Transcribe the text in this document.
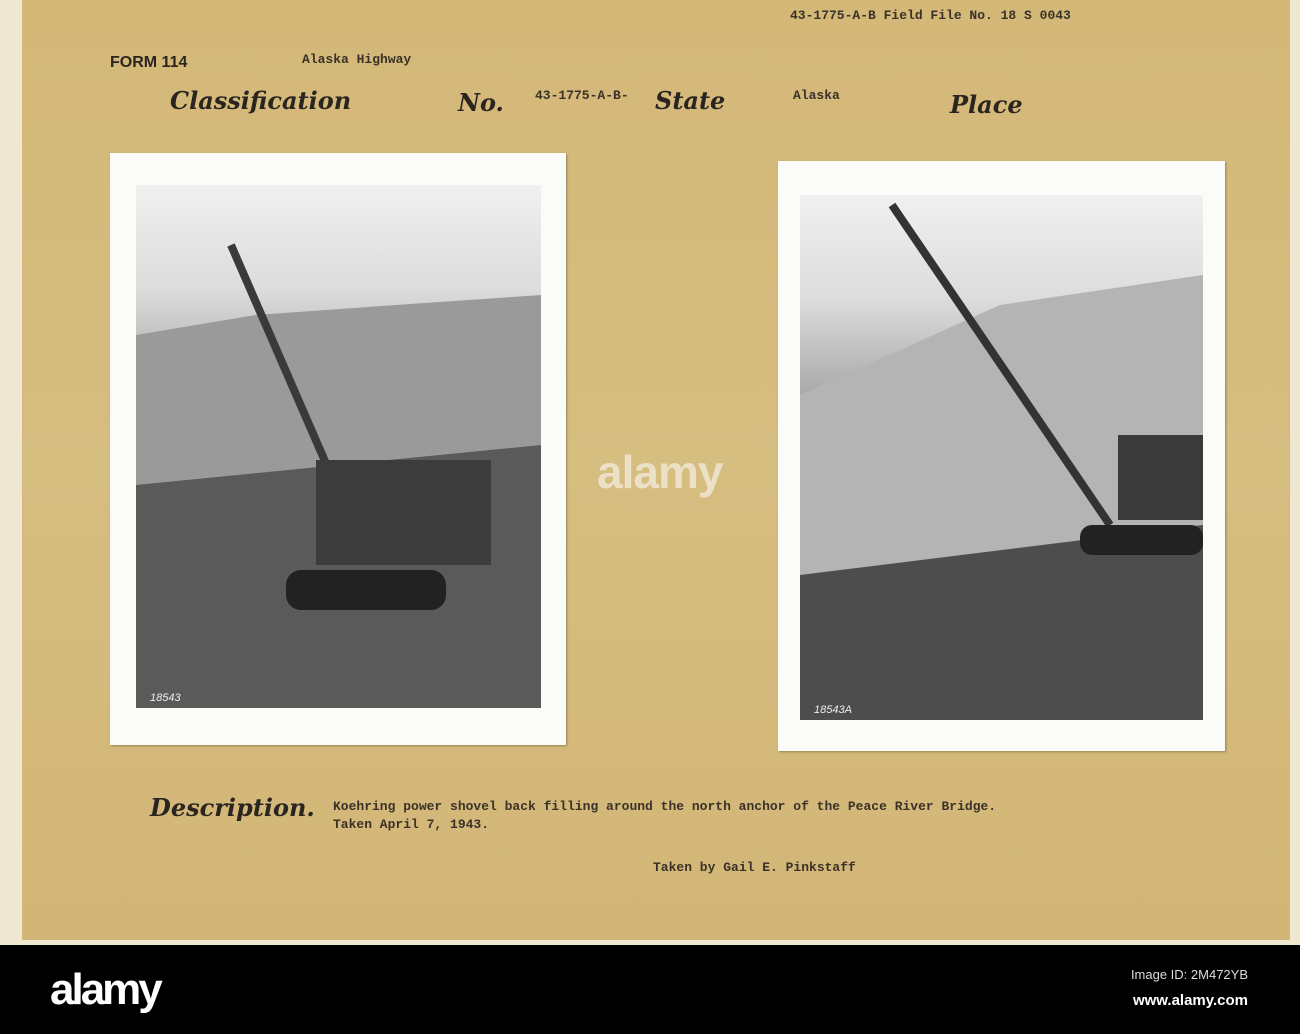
43-1775-A-B Field File No. 18 S 0043
FORM 114	Alaska Highway
Classification	No. 43-1775-A-B- State	Alaska	Place
18543
18543A
alamy
Description. Koehring power shovel back filling around the north anchor of the Peace River Bridge.
Taken April 7, 1943.
Taken by Gail E. Pinkstaff
alamy	Image ID: 2M472YB
www.alamy.com
